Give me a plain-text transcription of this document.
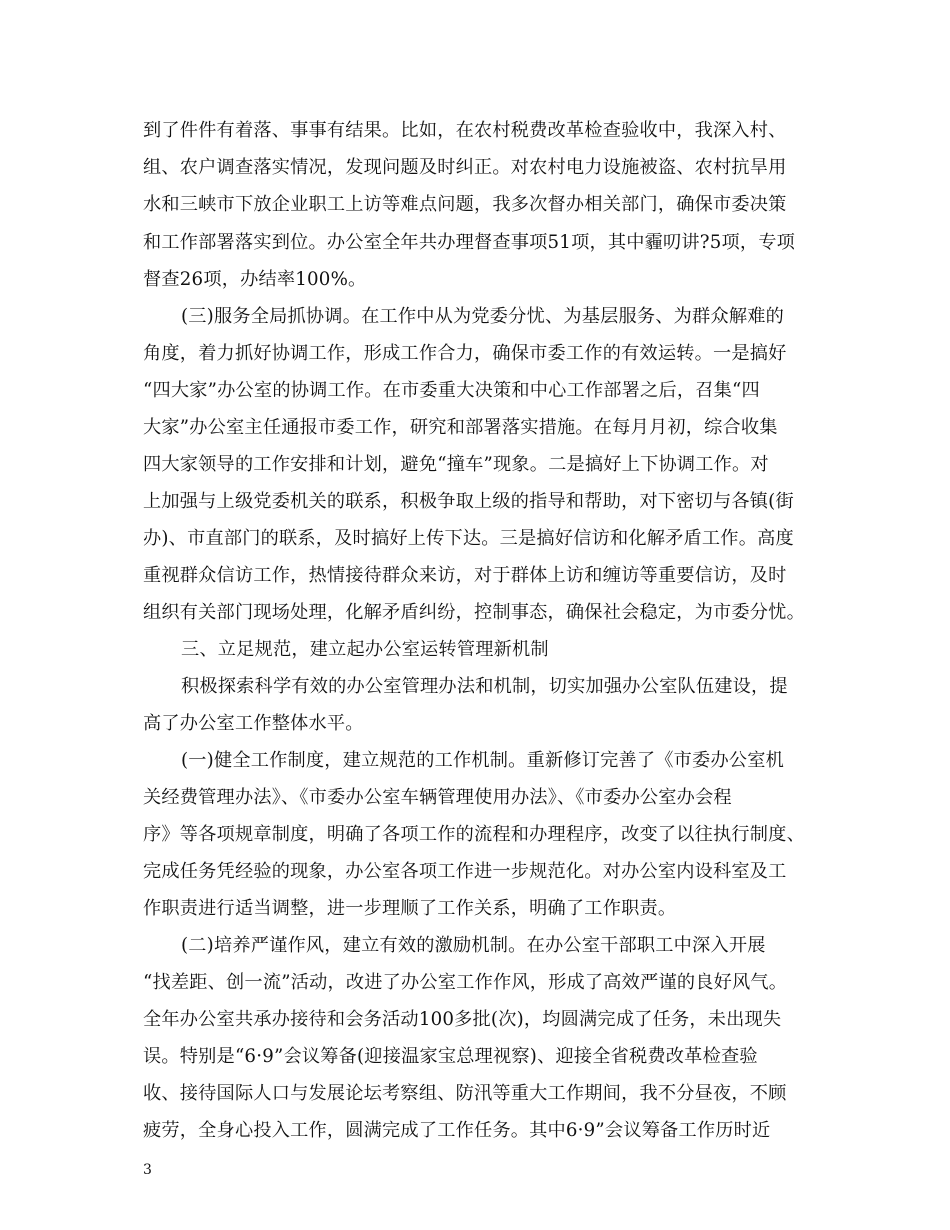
到了件件有着落、事事有结果。比如，在农村税费改革检查验收中，我深入村、
组、农户调查落实情况，发现问题及时纠正。对农村电力设施被盗、农村抗旱用
水和三峡市下放企业职工上访等难点问题，我多次督办相关部门，确保市委决策
和工作部署落实到位。办公室全年共办理督查事项51项，其中霾叨讲?5项，专项
督查26项，办结率100%。
(三)服务全局抓协调。在工作中从为党委分忧、为基层服务、为群众解难的
角度，着力抓好协调工作，形成工作合力，确保市委工作的有效运转。一是搞好
“四大家”办公室的协调工作。在市委重大决策和中心工作部署之后，召集“四
大家”办公室主任通报市委工作，研究和部署落实措施。在每月月初，综合收集
四大家领导的工作安排和计划，避免“撞车”现象。二是搞好上下协调工作。对
上加强与上级党委机关的联系，积极争取上级的指导和帮助，对下密切与各镇(街
办)、市直部门的联系，及时搞好上传下达。三是搞好信访和化解矛盾工作。高度
重视群众信访工作，热情接待群众来访，对于群体上访和缠访等重要信访，及时
组织有关部门现场处理，化解矛盾纠纷，控制事态，确保社会稳定，为市委分忧。
三、立足规范，建立起办公室运转管理新机制
积极探索科学有效的办公室管理办法和机制，切实加强办公室队伍建设，提
高了办公室工作整体水平。
(一)健全工作制度，建立规范的工作机制。重新修订完善了《市委办公室机
关经费管理办法》、《市委办公室车辆管理使用办法》、《市委办公室办会程
序》等各项规章制度，明确了各项工作的流程和办理程序，改变了以往执行制度、
完成任务凭经验的现象，办公室各项工作进一步规范化。对办公室内设科室及工
作职责进行适当调整，进一步理顺了工作关系，明确了工作职责。
(二)培养严谨作风，建立有效的激励机制。在办公室干部职工中深入开展
“找差距、创一流”活动，改进了办公室工作作风，形成了高效严谨的良好风气。
全年办公室共承办接待和会务活动100多批(次)，均圆满完成了任务，未出现失
误。特别是“6·9”会议筹备(迎接温家宝总理视察)、迎接全省税费改革检查验
收、接待国际人口与发展论坛考察组、防汛等重大工作期间，我不分昼夜，不顾
疲劳，全身心投入工作，圆满完成了工作任务。其中6·9”会议筹备工作历时近
3
